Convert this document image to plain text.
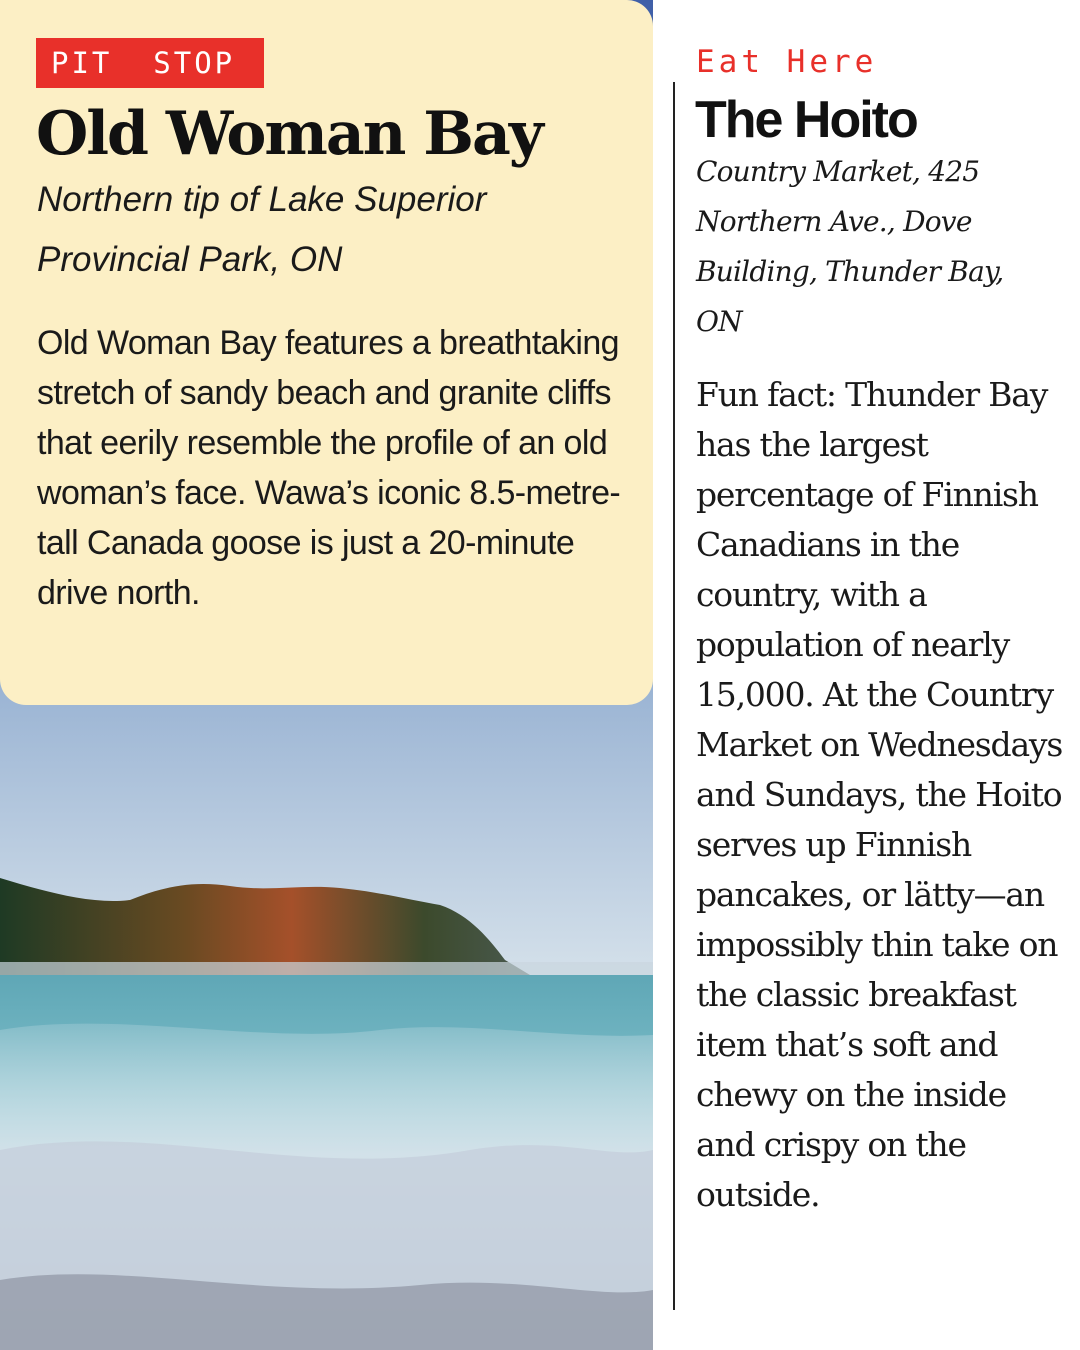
PIT  STOP
Old Woman Bay

Northern tip of Lake Superior Provincial Park, ON

Old Woman Bay features a breathtaking stretch of sandy beach and granite cliffs that eerily resemble the profile of an old woman’s face. Wawa’s iconic 8.5-metre-tall Canada goose is just a 20-minute drive north.

Eat Here
The Hoito

Country Market, 425 Northern Ave., Dove Building, Thunder Bay, ON

Fun fact: Thunder Bay has the largest percentage of Finnish Canadians in the country, with a population of nearly 15,000. At the Country Market on Wednesdays and Sundays, the Hoito serves up Finnish pancakes, or lätty—an impossibly thin take on the classic breakfast item that’s soft and chewy on the inside and crispy on the outside.
